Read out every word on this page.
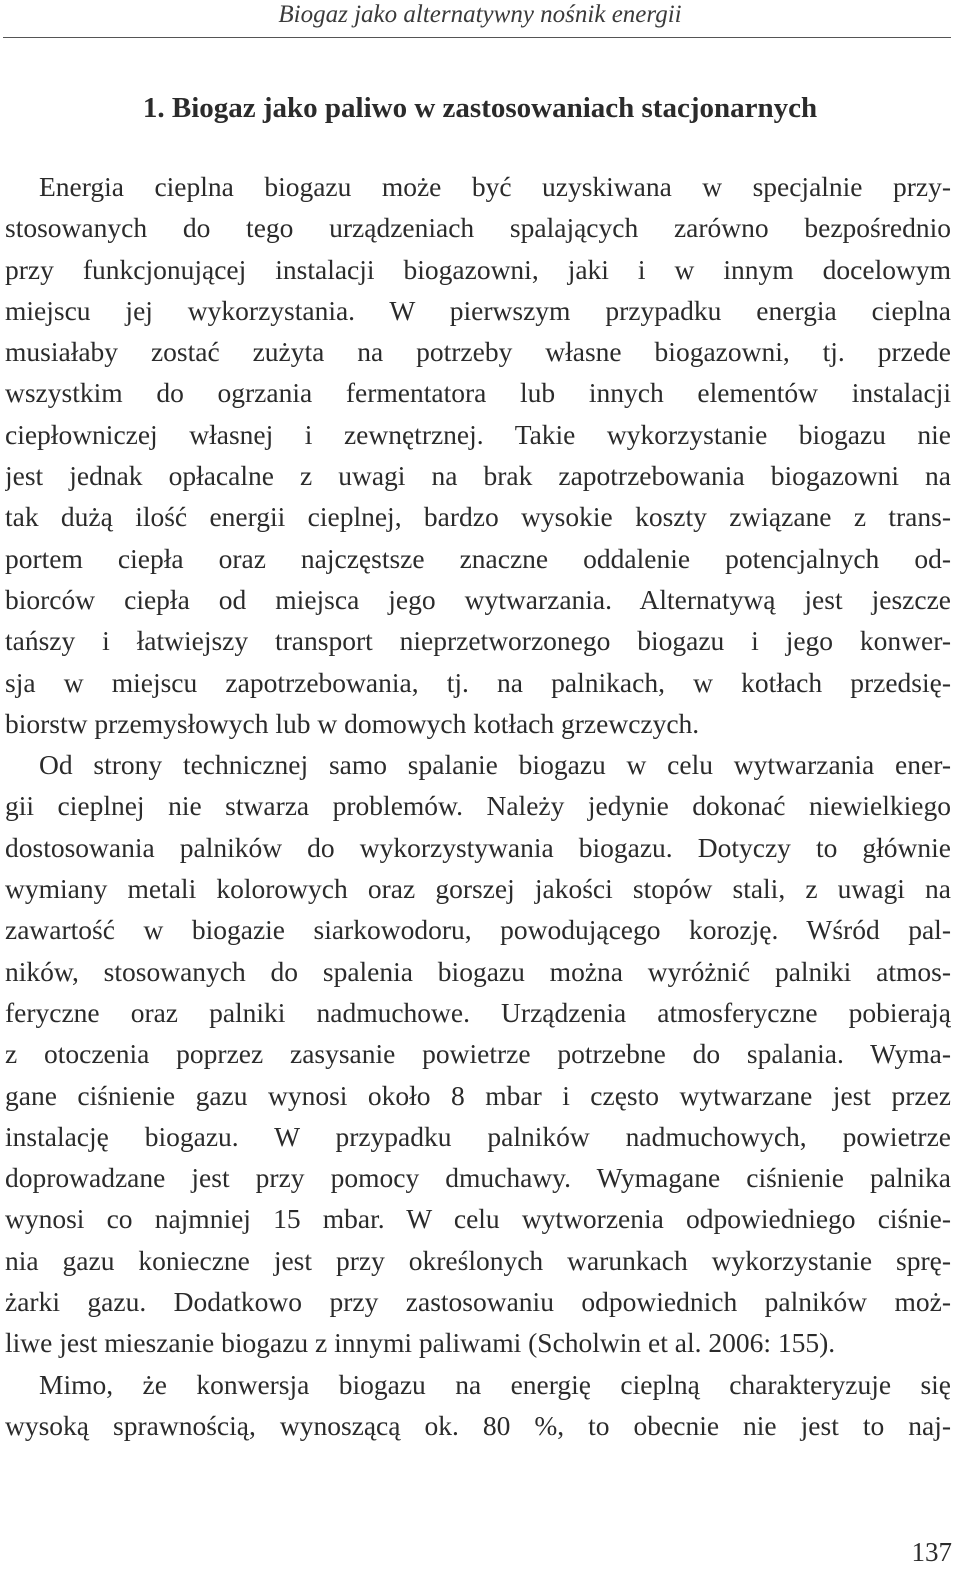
Biogaz jako alternatywny nośnik energii
1. Biogaz jako paliwo w zastosowaniach stacjonarnych
Energia cieplna biogazu może być uzyskiwana w specjalnie przy-
stosowanych do tego urządzeniach spalających zarówno bezpośrednio
przy funkcjonującej instalacji biogazowni, jaki i w innym docelowym
miejscu jej wykorzystania. W pierwszym przypadku energia cieplna
musiałaby zostać zużyta na potrzeby własne biogazowni, tj. przede
wszystkim do ogrzania fermentatora lub innych elementów instalacji
ciepłowniczej własnej i zewnętrznej. Takie wykorzystanie biogazu nie
jest jednak opłacalne z uwagi na brak zapotrzebowania biogazowni na
tak dużą ilość energii cieplnej, bardzo wysokie koszty związane z trans-
portem ciepła oraz najczęstsze znaczne oddalenie potencjalnych od-
biorców ciepła od miejsca jego wytwarzania. Alternatywą jest jeszcze
tańszy i łatwiejszy transport nieprzetworzonego biogazu i jego konwer-
sja w miejscu zapotrzebowania, tj. na palnikach, w kotłach przedsię-
biorstw przemysłowych lub w domowych kotłach grzewczych.
Od strony technicznej samo spalanie biogazu w celu wytwarzania ener-
gii cieplnej nie stwarza problemów. Należy jedynie dokonać niewielkiego
dostosowania palników do wykorzystywania biogazu. Dotyczy to głównie
wymiany metali kolorowych oraz gorszej jakości stopów stali, z uwagi na
zawartość w biogazie siarkowodoru, powodującego korozję. Wśród pal-
ników, stosowanych do spalenia biogazu można wyróżnić palniki atmos-
feryczne oraz palniki nadmuchowe. Urządzenia atmosferyczne pobierają
z otoczenia poprzez zasysanie powietrze potrzebne do spalania. Wyma-
gane ciśnienie gazu wynosi około 8 mbar i często wytwarzane jest przez
instalację biogazu. W przypadku palników nadmuchowych, powietrze
doprowadzane jest przy pomocy dmuchawy. Wymagane ciśnienie palnika
wynosi co najmniej 15 mbar. W celu wytworzenia odpowiedniego ciśnie-
nia gazu konieczne jest przy określonych warunkach wykorzystanie sprę-
żarki gazu. Dodatkowo przy zastosowaniu odpowiednich palników moż-
liwe jest mieszanie biogazu z innymi paliwami (Scholwin et al. 2006: 155).
Mimo, że konwersja biogazu na energię cieplną charakteryzuje się
wysoką sprawnością, wynoszącą ok. 80 %, to obecnie nie jest to naj-
137
